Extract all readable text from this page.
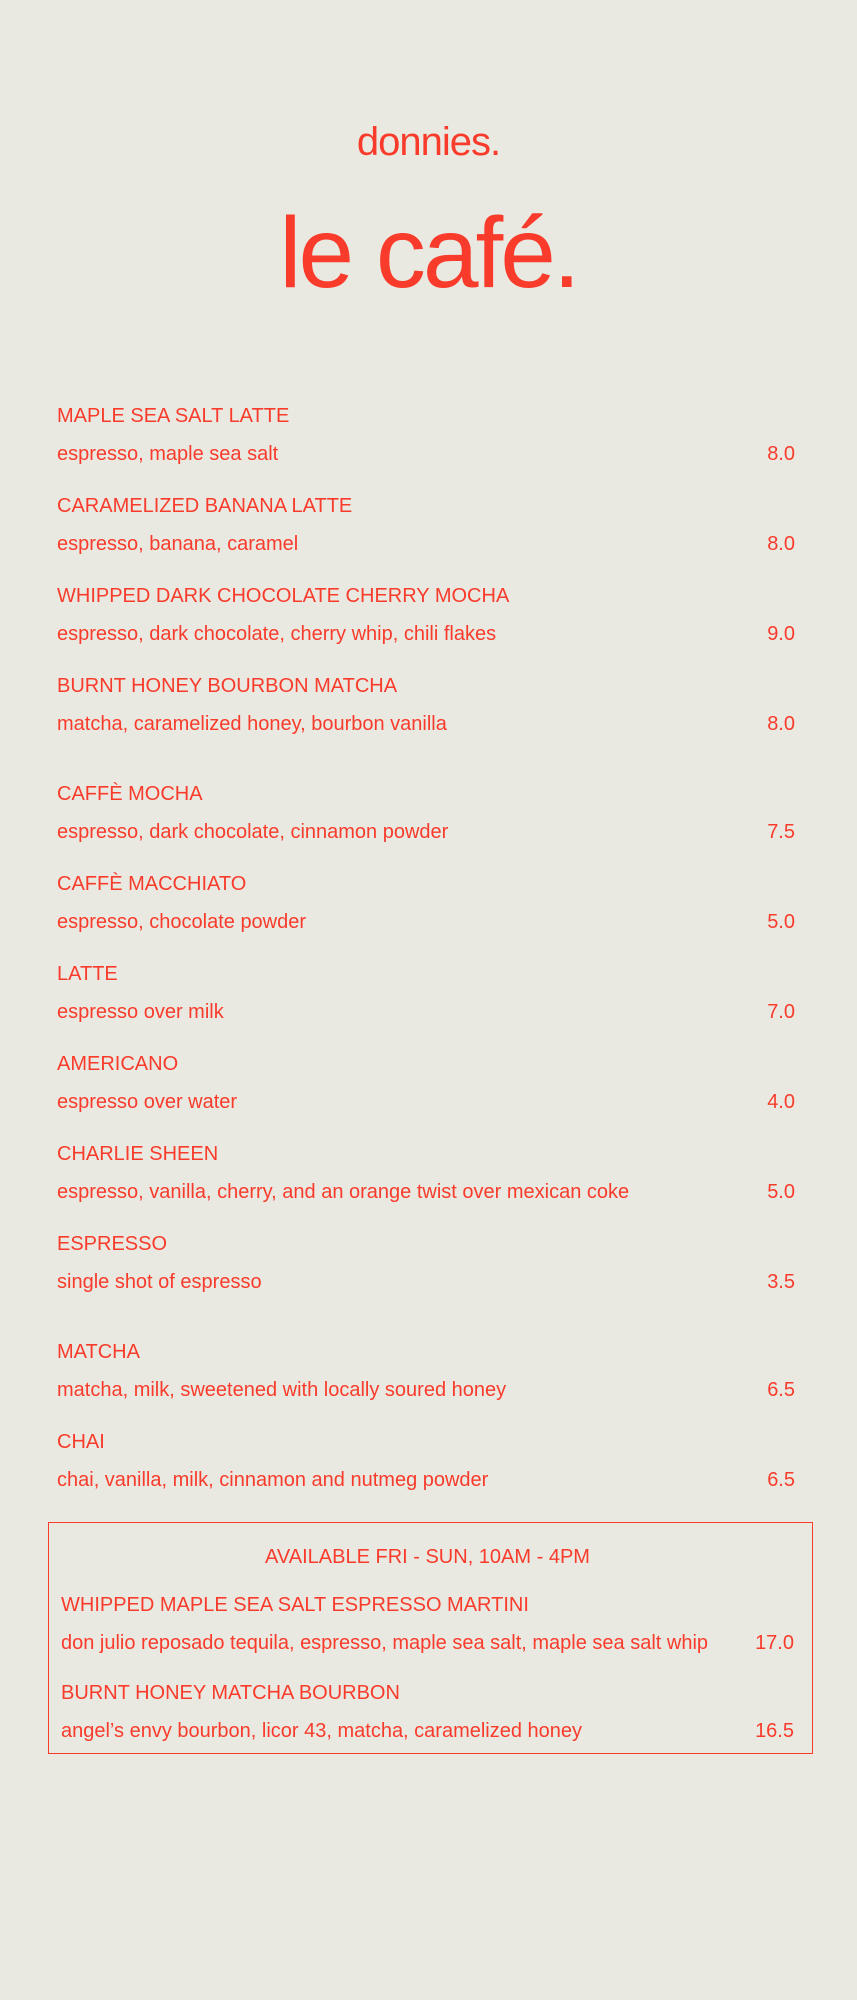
donnies.
le café.
MAPLE SEA SALT LATTE
espresso, maple sea salt	8.0
CARAMELIZED BANANA LATTE
espresso, banana, caramel	8.0
WHIPPED DARK CHOCOLATE CHERRY MOCHA
espresso, dark chocolate, cherry whip, chili flakes	9.0
BURNT HONEY BOURBON MATCHA
matcha, caramelized honey, bourbon vanilla	8.0
CAFFÈ MOCHA
espresso, dark chocolate, cinnamon powder	7.5
CAFFÈ MACCHIATO
espresso, chocolate powder	5.0
LATTE
espresso over milk	7.0
AMERICANO
espresso over water	4.0
CHARLIE SHEEN
espresso, vanilla, cherry, and an orange twist over mexican coke	5.0
ESPRESSO
single shot of espresso	3.5
MATCHA
matcha, milk, sweetened with locally soured honey	6.5
CHAI
chai, vanilla, milk, cinnamon and nutmeg powder	6.5
AVAILABLE FRI - SUN, 10AM - 4PM
WHIPPED MAPLE SEA SALT ESPRESSO MARTINI
don julio reposado tequila, espresso, maple sea salt, maple sea salt whip 17.0
BURNT HONEY MATCHA BOURBON
angel’s envy bourbon, licor 43, matcha, caramelized honey	16.5
